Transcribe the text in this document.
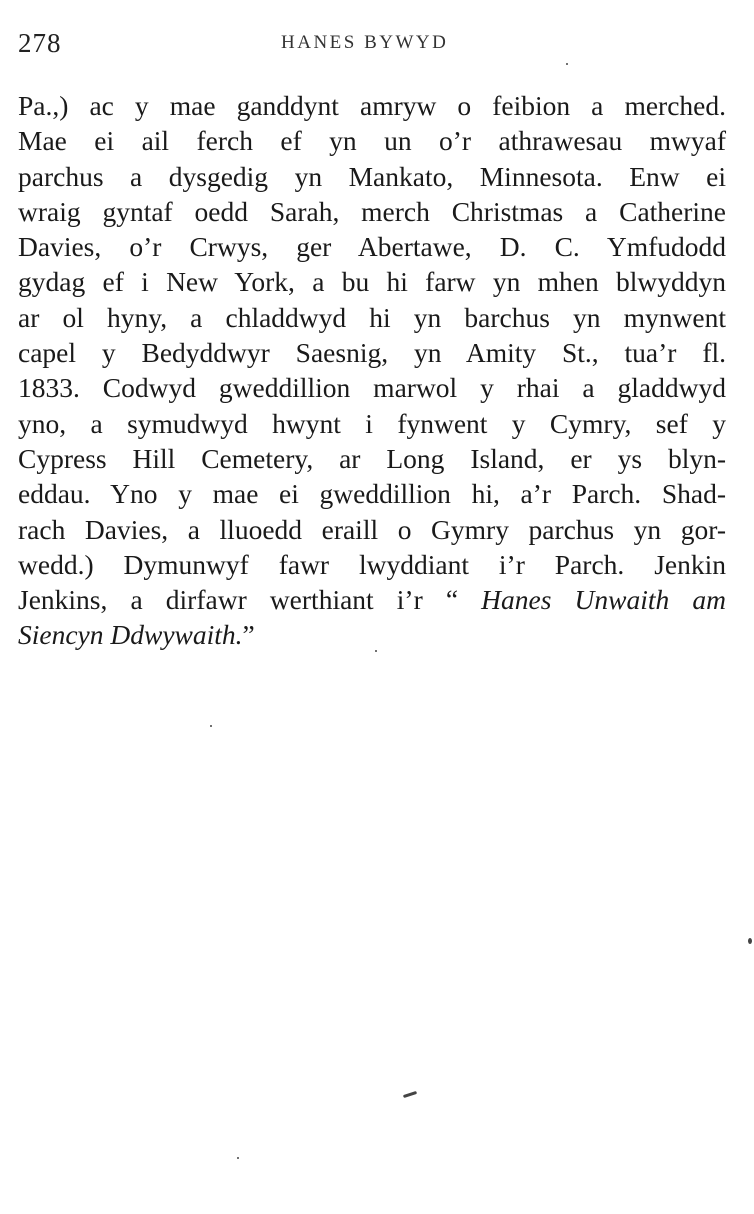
278	HANES BYWYD
Pa.,) ac y mae ganddynt amryw o feibion a merched.
Mae ei ail ferch ef yn un o’r athrawesau mwyaf
parchus a dysgedig yn Mankato, Minnesota. Enw ei
wraig gyntaf oedd Sarah, merch Christmas a Catherine
Davies, o’r Crwys, ger Abertawe, D. C. Ymfudodd
gydag ef i New York, a bu hi farw yn mhen blwyddyn
ar ol hyny, a chladdwyd hi yn barchus yn mynwent
capel y Bedyddwyr Saesnig, yn Amity St., tua’r fl.
1833. Codwyd gweddillion marwol y rhai a gladdwyd
yno, a symudwyd hwynt i fynwent y Cymry, sef y
Cypress Hill Cemetery, ar Long Island, er ys blyn-
eddau. Yno y mae ei gweddillion hi, a’r Parch. Shad-
rach Davies, a lluoedd eraill o Gymry parchus yn gor-
wedd.) Dymunwyf fawr lwyddiant i’r Parch. Jenkin
Jenkins, a dirfawr werthiant i’r “ Hanes Unwaith am
Siencyn Ddwywaith.”
